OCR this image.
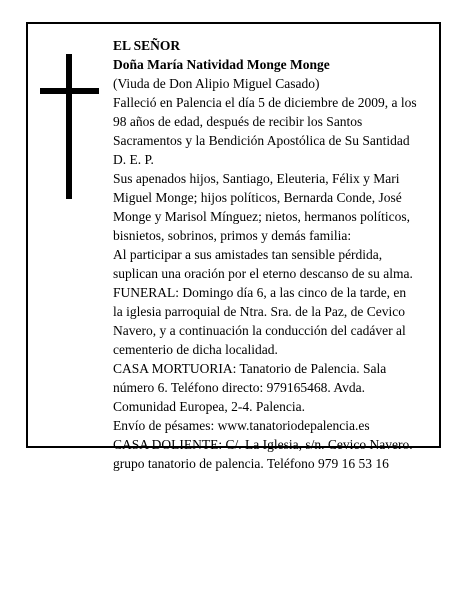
EL SEÑOR
Doña María Natividad Monge Monge
(Viuda de Don Alipio Miguel Casado)
Falleció en Palencia el día 5 de diciembre de 2009, a los
98 años de edad, después de recibir los Santos
Sacramentos y la Bendición Apostólica de Su Santidad
D. E. P.
Sus apenados hijos, Santiago, Eleuteria, Félix y Mari
Miguel Monge; hijos políticos, Bernarda Conde, José
Monge y Marisol Mínguez; nietos, hermanos políticos,
bisnietos, sobrinos, primos y demás familia:
Al participar a sus amistades tan sensible pérdida,
suplican una oración por el eterno descanso de su alma.
FUNERAL: Domingo día 6, a las cinco de la tarde, en
la iglesia parroquial de Ntra. Sra. de la Paz, de Cevico
Navero, y a continuación la conducción del cadáver al
cementerio de dicha localidad.
CASA MORTUORIA: Tanatorio de Palencia. Sala
número 6. Teléfono directo: 979165468. Avda.
Comunidad Europea, 2-4. Palencia.
Envío de pésames: www.tanatoriodepalencia.es
CASA DOLIENTE: C/. La Iglesia, s/n. Cevico Navero.
grupo tanatorio de palencia. Teléfono 979 16 53 16
